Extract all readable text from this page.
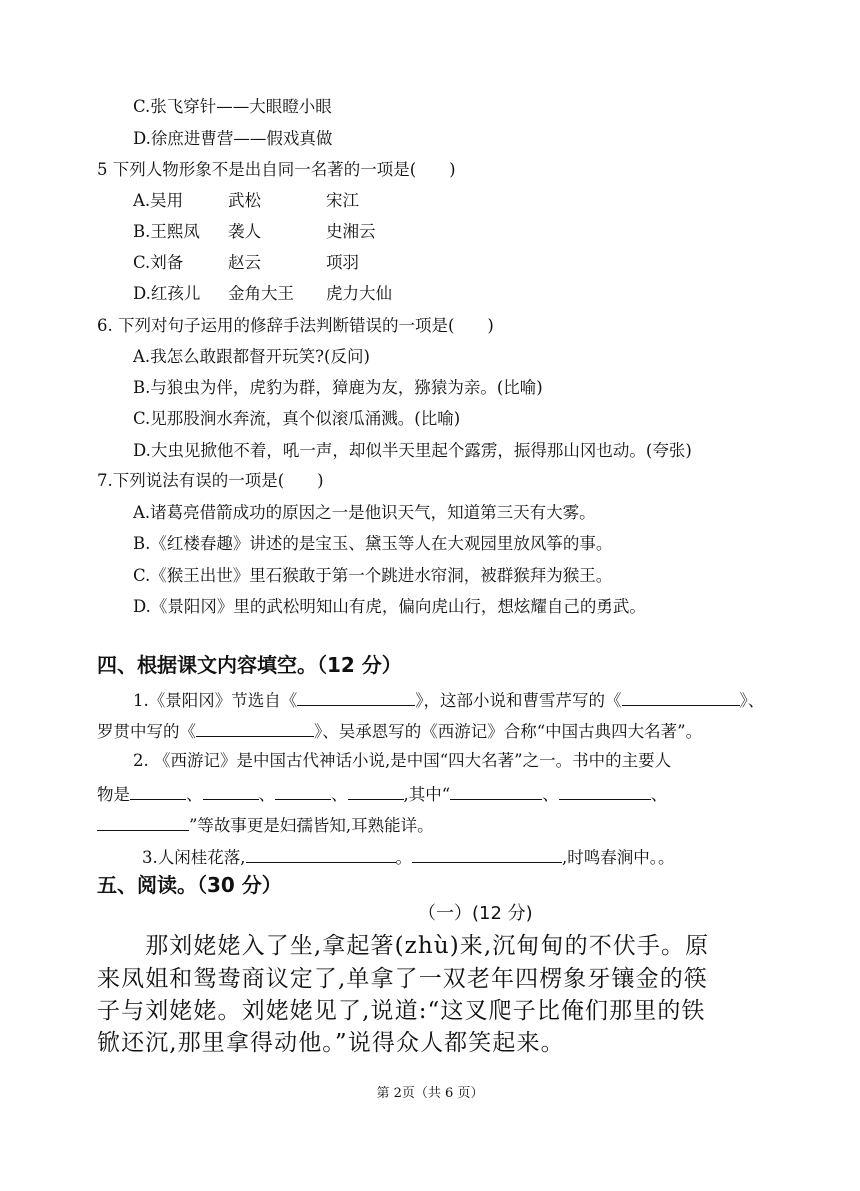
C.张飞穿针——大眼瞪小眼
D.徐庶进曹营——假戏真做
5 下列人物形象不是出自同一名著的一项是(　　)
A.吴用	武松	宋江
B.王熙凤 袭人	史湘云
C.刘备	赵云	项羽
D.红孩儿 金角大王 虎力大仙
6. 下列对句子运用的修辞手法判断错误的一项是(　　)
A.我怎么敢跟都督开玩笑?(反问)
B.与狼虫为伴，虎豹为群，獐鹿为友，猕猿为亲。(比喻)
C.见那股涧水奔流，真个似滚瓜涌溅。(比喻)
D.大虫见掀他不着，吼一声，却似半天里起个露雳，振得那山冈也动。(夸张)
7.下列说法有误的一项是(　　)
A.诸葛亮借箭成功的原因之一是他识天气，知道第三天有大雾。
B.《红楼春趣》讲述的是宝玉、黛玉等人在大观园里放风筝的事。
C.《猴王出世》里石猴敢于第一个跳进水帘洞，被群猴拜为猴王。
D.《景阳冈》里的武松明知山有虎，偏向虎山行，想炫耀自己的勇武。
四、根据课文内容填空。（12 分）
1.《景阳冈》节选自《	》，这部小说和曹雪芹写的《	》、
罗贯中写的《	》、吴承恩写的《西游记》合称“中国古典四大名著”。
2. 《西游记》是中国古代神话小说,是中国“四大名著”之一。书中的主要人
物是	、	、	、	,其中“	、	、
”等故事更是妇孺皆知,耳熟能详。
3.人闲桂花落,	。	,时鸣春涧中。。
五、阅读。（30 分）
（一）(12 分)
　　那刘姥姥入了坐,拿起箸(zhù)来,沉甸甸的不伏手。原
来凤姐和鸳鸯商议定了,单拿了一双老年四楞象牙镶金的筷
子与刘姥姥。刘姥姥见了,说道:“这叉爬子比俺们那里的铁
锨还沉,那里拿得动他。”说得众人都笑起来。
第 2页（共 6 页）
